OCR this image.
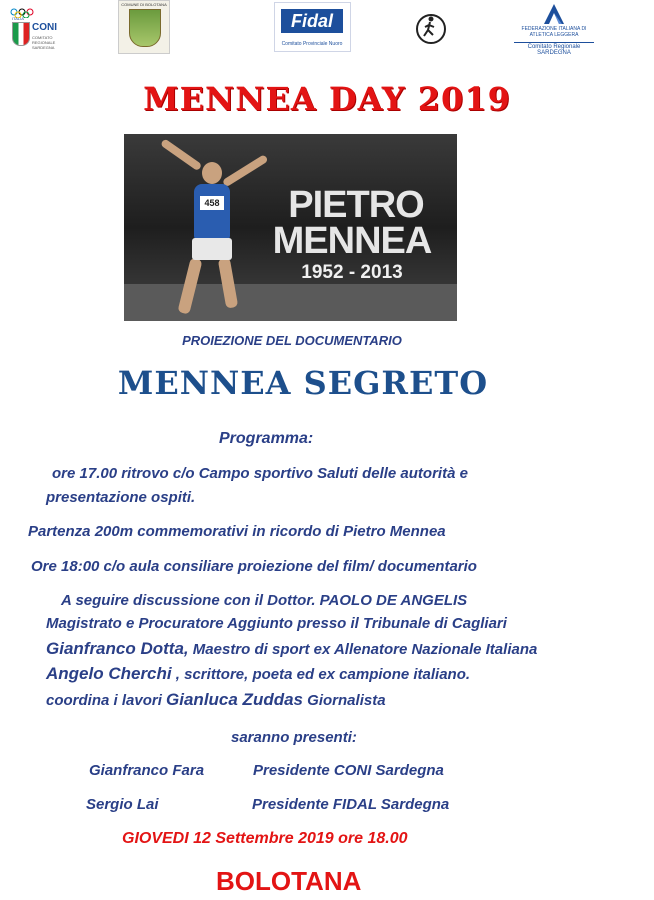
ITALIA
CONI
COMITATO REGIONALE SARDEGNA
COMUNE DI BOLOTANA
Fidal
Comitato Provinciale Nuoro
FEDERAZIONE ITALIANA DI ATLETICA LEGGERA
Comitato Regionale SARDEGNA
MENNEA DAY 2019
458	PIETRO
MENNEA
1952 - 2013
PROIEZIONE DEL DOCUMENTARIO
MENNEA SEGRETO
Programma:
ore 17.00 ritrovo c/o Campo sportivo Saluti delle autorità e
presentazione ospiti.
Partenza 200m commemorativi in ricordo di Pietro Mennea
Ore 18:00 c/o aula consiliare proiezione del film/ documentario
A seguire discussione con il Dottor. PAOLO DE ANGELIS
Magistrato e Procuratore Aggiunto presso il Tribunale di Cagliari
Gianfranco Dotta, Maestro di sport ex Allenatore Nazionale Italiana
Angelo Cherchi , scrittore, poeta ed ex campione italiano.
coordina i lavori Gianluca Zuddas Giornalista
saranno presenti:
Gianfranco Fara	Presidente CONI Sardegna
Sergio Lai	Presidente FIDAL Sardegna
GIOVEDI 12 Settembre 2019 ore 18.00
BOLOTANA
